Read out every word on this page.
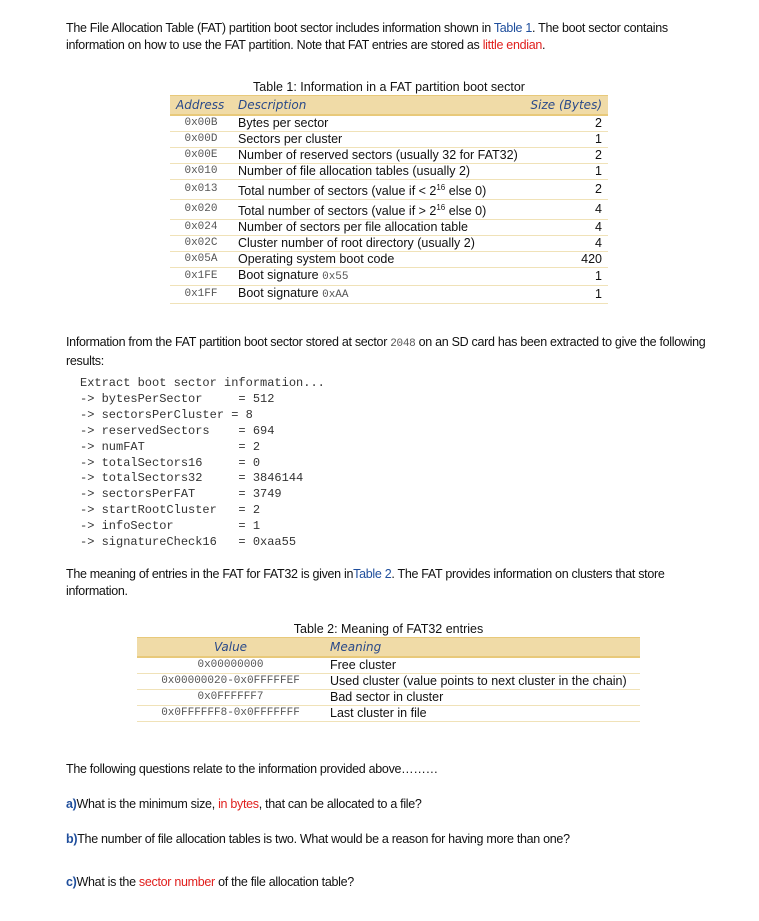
The File Allocation Table (FAT) partition boot sector includes information shown in Table 1. The boot sector contains information on how to use the FAT partition. Note that FAT entries are stored as little endian.
Table 1: Information in a FAT partition boot sector
Address	Description	Size (Bytes)
0x00B	Bytes per sector	2
0x00D	Sectors per cluster	1
0x00E	Number of reserved sectors (usually 32 for FAT32)	2
0x010	Number of file allocation tables (usually 2)	1
0x013	Total number of sectors (value if < $2^{16}$ else 0)	2
0x020	Total number of sectors (value if > $2^{16}$ else 0)	4
0x024	Number of sectors per file allocation table	4
0x02C	Cluster number of root directory (usually 2)	4
0x05A	Operating system boot code	420
0x1FE	Boot signature 0x55	1
0x1FF	Boot signature 0xAA	1
Information from the FAT partition boot sector stored at sector 2048 on an SD card has been extracted to give the following results:
Extract boot sector information...
-> bytesPerSector     = 512
-> sectorsPerCluster = 8
-> reservedSectors    = 694
-> numFAT             = 2
-> totalSectors16     = 0
-> totalSectors32     = 3846144
-> sectorsPerFAT      = 3749
-> startRootCluster   = 2
-> infoSector         = 1
-> signatureCheck16   = 0xaa55
The meaning of entries in the FAT for FAT32 is given inTable 2. The FAT provides information on clusters that store information.
Table 2: Meaning of FAT32 entries
Value	Meaning
0x00000000	Free cluster
0x00000020-0x0FFFFFEF	Used cluster (value points to next cluster in the chain)
0x0FFFFFF7	Bad sector in cluster
0x0FFFFFF8-0x0FFFFFFF	Last cluster in file
The following questions relate to the information provided above………
a)What is the minimum size, in bytes, that can be allocated to a file?
b)The number of file allocation tables is two. What would be a reason for having more than one?
c)What is the sector number of the file allocation table?
